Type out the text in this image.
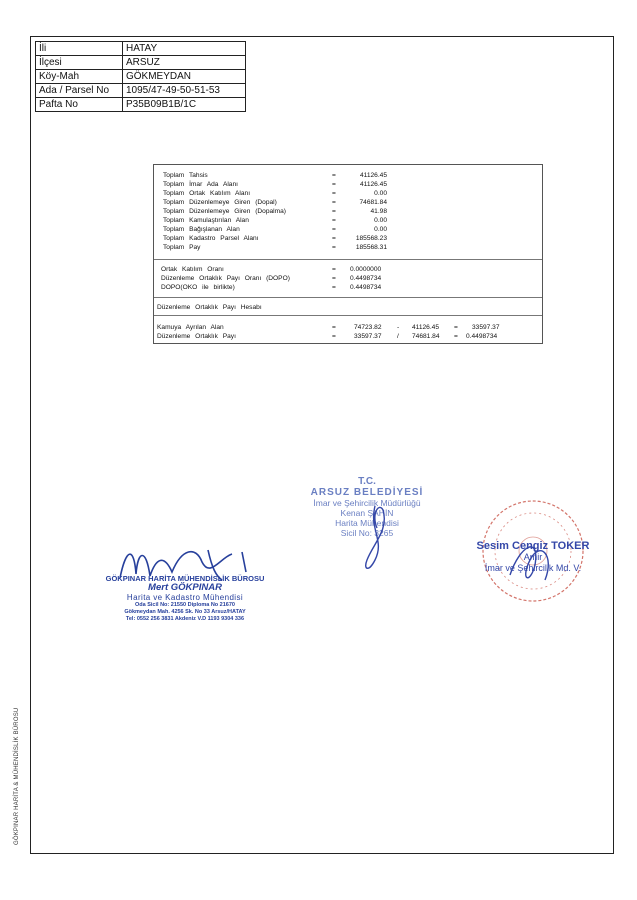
GÖKPINAR HARİTA & MÜHENDİSLİK BÜROSU
İli	HATAY
İlçesi	ARSUZ
Köy-Mah	GÖKMEYDAN
Ada / Parsel No	1095/47-49-50-51-53
Pafta No	P35B09B1B/1C
Toplam Tahsis	=	41126.45
Toplam İmar Ada Alanı	=	41126.45
Toplam Ortak Katılım Alanı	=	0.00
Toplam Düzenlemeye Giren (Dopal)	=	74681.84
Toplam Düzenlemeye Giren (Dopalma)	=	41.98
Toplam Kamulaştırılan Alan	=	0.00
Toplam Bağışlanan Alan	=	0.00
Toplam Kadastro Parsel Alanı	=	185568.23
Toplam Pay	=	185568.31
Ortak Katılım Oranı	= 0.0000000
Düzenleme Ortaklık Payı Oranı (DOPO)	= 0.4498734
DOPO(OKO ile birlikte)	= 0.4498734
Düzenleme Ortaklık Payı Hesabı
Kamuya Ayrılan Alan	=	74723.82 - 41126.45 = 33597.37
Düzenleme Ortaklık Payı	=	33597.37 / 74681.84 = 0.4498734
T.C.
ARSUZ BELEDİYESİ
İmar ve Şehircilik Müdürlüğü
Kenan ŞAHİN
Harita Mühendisi
Sicil No: 3265
Sesim Cengiz TOKER
Amir
İmar ve Şehircilik Md. V.
GÖKPINAR HARİTA MÜHENDİSLİK BÜROSU
Mert GÖKPINAR
Harita ve Kadastro Mühendisi
Oda Sicil No: 21550 Diploma No 21670
Gökmeydan Mah. 4256 Sk. No 33 Arsuz/HATAY
Tel: 0552 256 3831 Akdeniz V.D 1193 9304 336
